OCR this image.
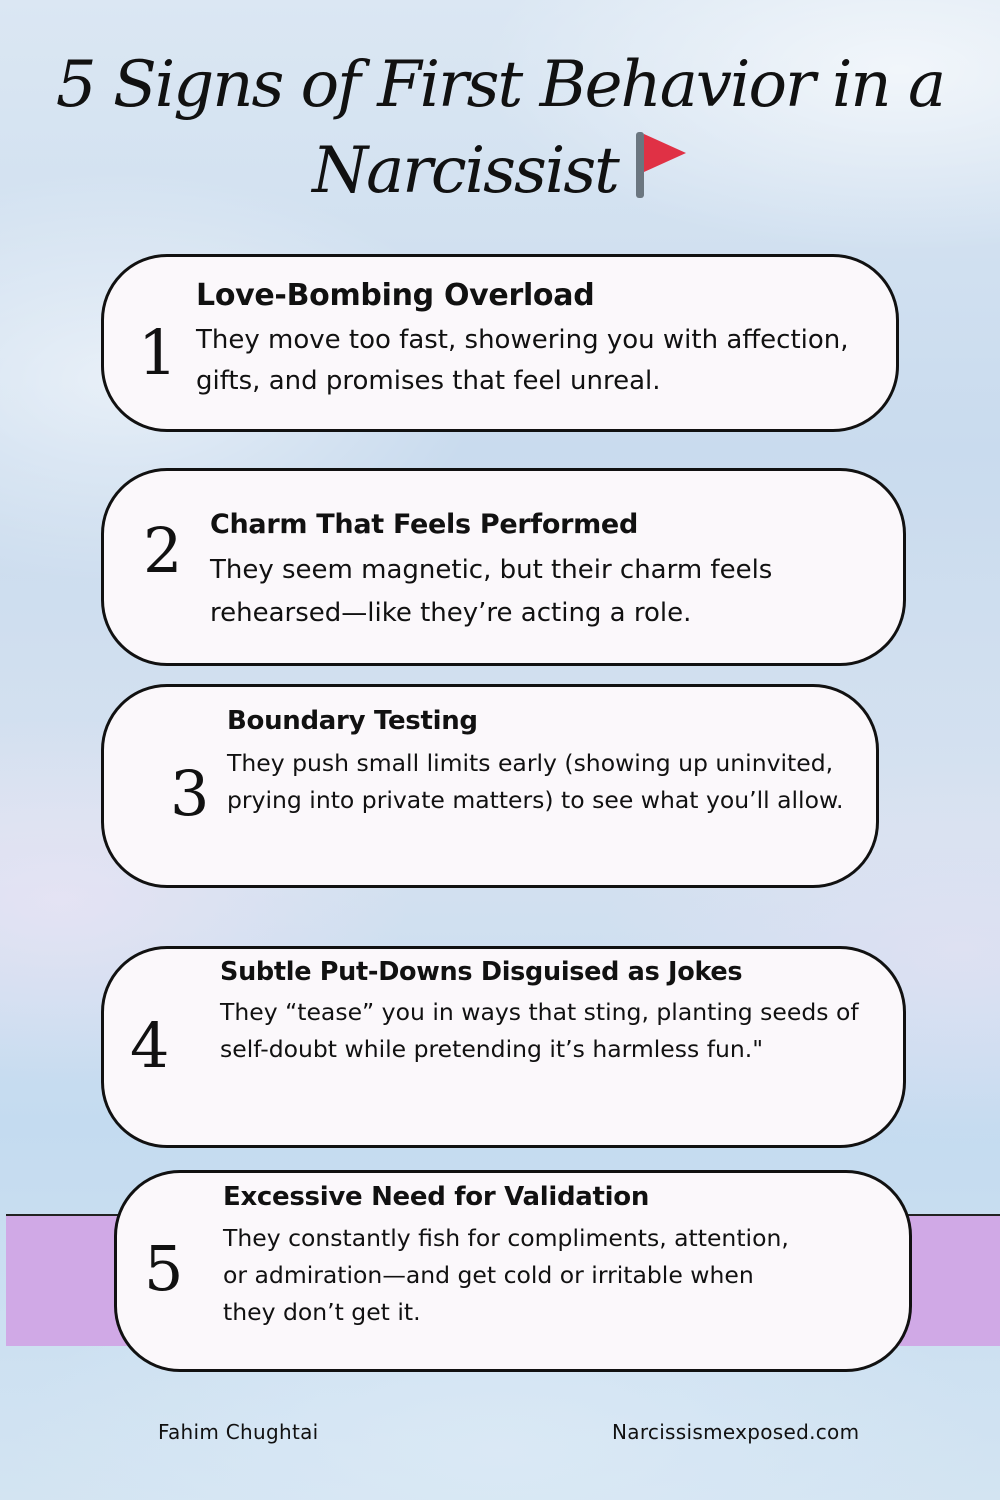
5 Signs of First Behavior in a
Narcissist
1
Love-Bombing Overload

They move too fast, showering you with affection, gifts, and promises that feel unreal.

2 Charm That Feels Performed

They seem magnetic, but their charm feels rehearsed—like they’re acting a role.

3
Boundary Testing

They push small limits early (showing up uninvited, prying into private matters) to see what you’ll allow.

4
Subtle Put-Downs Disguised as Jokes

They “tease” you in ways that sting, planting seeds of self-doubt while pretending it’s harmless fun."

5
Excessive Need for Validation

They constantly fish for compliments, attention, or admiration—and get cold or irritable when they don’t get it.

Fahim Chughtai	Narcissismexposed.com
